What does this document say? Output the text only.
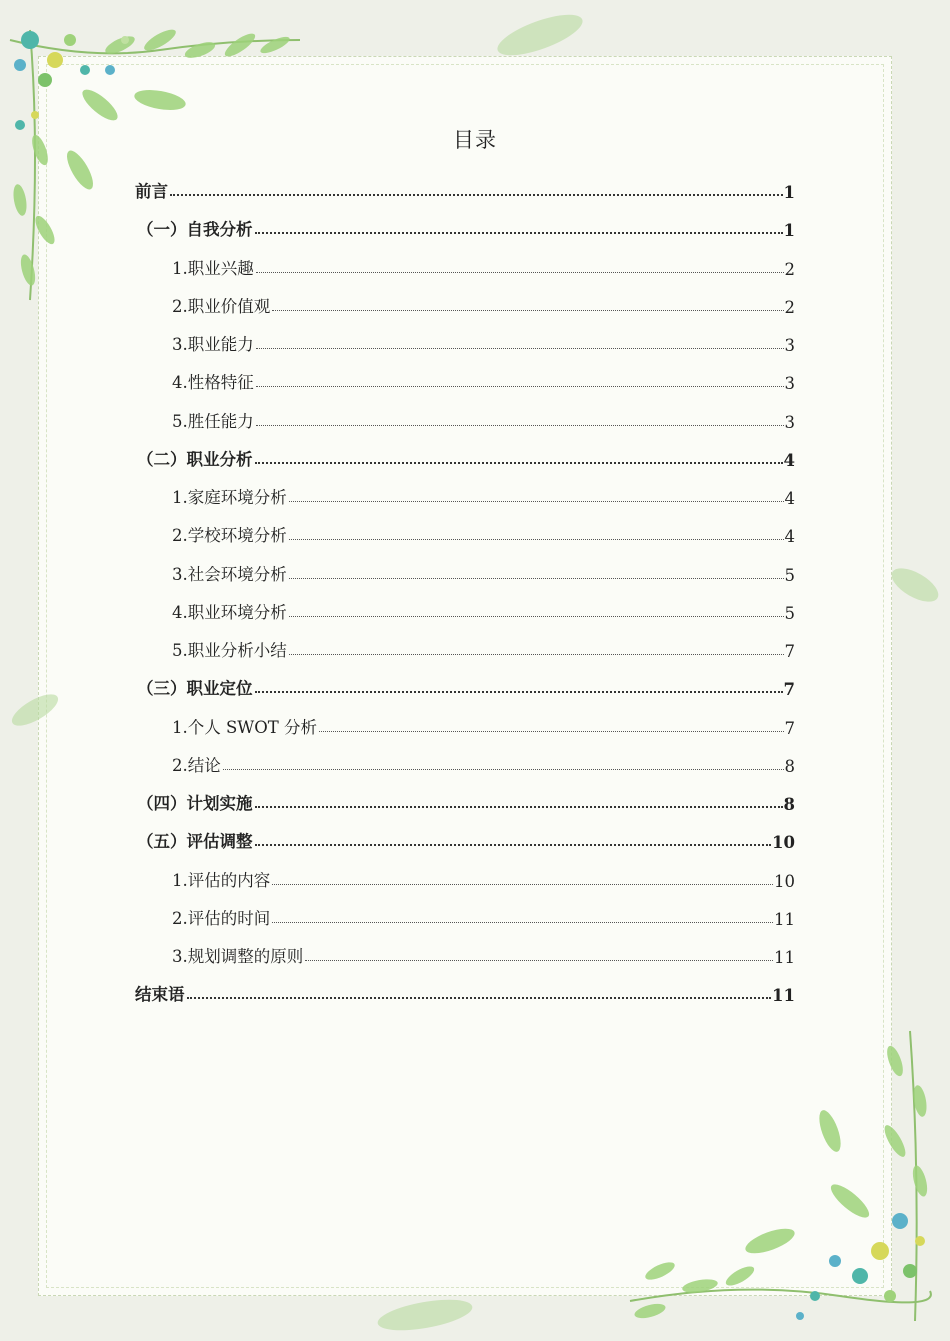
目录
前言	1
（一）自我分析	1
1.职业兴趣	2
2.职业价值观	2
3.职业能力	3
4.性格特征	3
5.胜任能力	3
（二）职业分析	4
1.家庭环境分析	4
2.学校环境分析	4
3.社会环境分析	5
4.职业环境分析	5
5.职业分析小结	7
（三）职业定位	7
1.个人 SWOT 分析	7
2.结论	8
（四）计划实施	8
（五）评估调整	10
1.评估的内容	10
2.评估的时间	11
3.规划调整的原则	11
结束语	11
